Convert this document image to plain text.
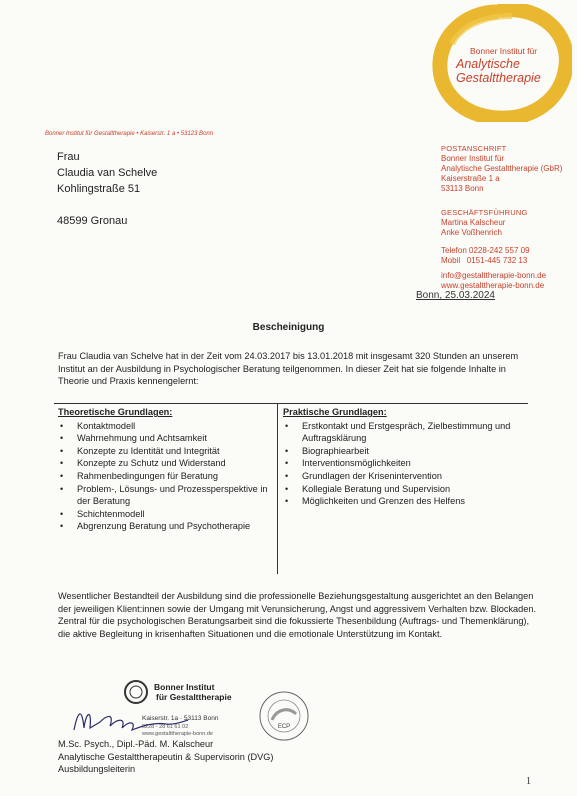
Bonner Institut für
Analytische
Gestalttherapie
Bonner Institut für Gestalttherapie • Kaiserstr. 1 a • 53123 Bonn
Frau
Claudia van Schelve
Kohlingstraße 51
48599 Gronau
POSTANSCHRIFT
Bonner Institut für
Analytische Gestalttherapie (GbR)
Kaiserstraße 1 a
53113 Bonn
GESCHÄFTSFÜHRUNG
Martina Kalscheur
Anke Voßhenrich
Telefon 0228-242 557 09
Mobil   0151-445 732 13
info@gestalttherapie-bonn.de
www.gestalttherapie-bonn.de
Bonn, 25.03.2024
Bescheinigung
Frau Claudia van Schelve hat in der Zeit vom 24.03.2017 bis 13.01.2018 mit insgesamt 320 Stunden an unserem Institut an der Ausbildung in Psychologischer Beratung teilgenommen. In dieser Zeit hat sie folgende Inhalte in Theorie und Praxis kennengelernt:
Theoretische Grundlagen:
• Kontaktmodell
• Wahrnehmung und Achtsamkeit
• Konzepte zu Identität und Integrität
• Konzepte zu Schutz und Widerstand
• Rahmenbedingungen für Beratung
• Problem-, Lösungs- und Prozessperspektive in der Beratung
• Schichtenmodell
• Abgrenzung Beratung und Psychotherapie
Praktische Grundlagen:
• Erstkontakt und Erstgespräch, Zielbestimmung und Auftragsklärung
• Biographiearbeit
• Interventionsmöglichkeiten
• Grundlagen der Krisenintervention
• Kollegiale Beratung und Supervision
• Möglichkeiten und Grenzen des Helfens
Wesentlicher Bestandteil der Ausbildung sind die professionelle Beziehungsgestaltung ausgerichtet an den Belangen der jeweiligen Klient:innen sowie der Umgang mit Verunsicherung, Angst und aggressivem Verhalten bzw. Blockaden. Zentral für die psychologischen Beratungsarbeit sind die fokussierte Thesenbildung (Auftrags- und Themenklärung), die aktive Begleitung in krisenhaften Situationen und die emotionale Unterstützung im Kontakt.
Bonner Institut
für Gestalttherapie
Kaiserstr. 1a · 53113 Bonn
0228 - 28 61 61 02
www.gestalttherapie-bonn.de
ECP
M.Sc. Psych., Dipl.-Päd. M. Kalscheur
Analytische Gestalttherapeutin & Supervisorin (DVG)
Ausbildungsleiterin
1
